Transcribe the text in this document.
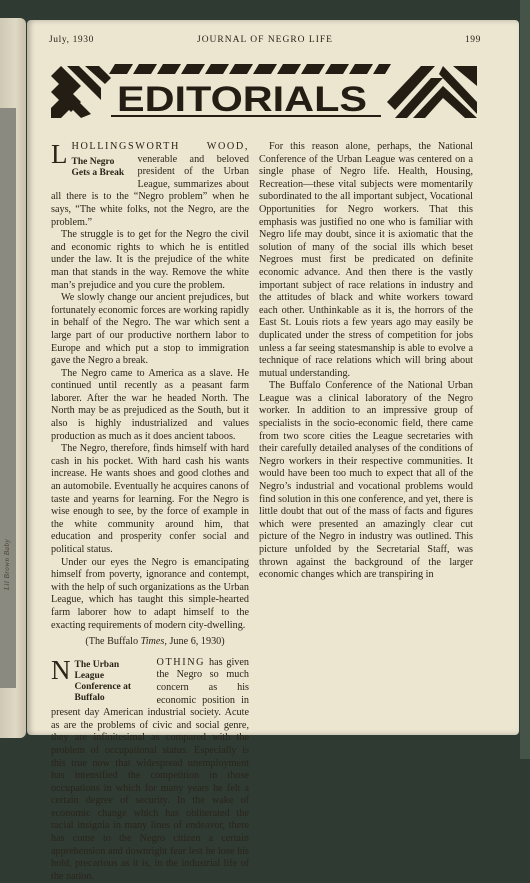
Lil Brown Baby
July, 1930	JOURNAL OF NEGRO LIFE	199
EDITORIALS

LHOLLINGSWORTH WOOD,
The Negro
Gets a Break
venerable and beloved president of the Urban League, summarizes about all there is to the “Negro problem” when he says, “The white folks, not the Negro, are the problem.”

The struggle is to get for the Negro the civil and economic rights to which he is entitled under the law. It is the prejudice of the white man that stands in the way. Remove the white man’s prejudice and you cure the problem.

We slowly change our ancient prejudices, but fortunately economic forces are working rapidly in behalf of the Negro. The war which sent a large part of our productive northern labor to Europe and which put a stop to immigration gave the Negro a break.

The Negro came to America as a slave. He continued until recently as a peasant farm laborer. After the war he headed North. The North may be as prejudiced as the South, but it also is highly industrialized and values production as much as it does ancient taboos.

The Negro, therefore, finds himself with hard cash in his pocket. With hard cash his wants increase. He wants shoes and good clothes and an automobile. Eventually he acquires canons of taste and yearns for learning. For the Negro is wise enough to see, by the force of example in the white community around him, that education and prosperity confer social and political status.

Under our eyes the Negro is emancipating himself from poverty, ignorance and contempt, with the help of such organizations as the Urban League, which has taught this simple-hearted farm laborer how to adapt himself to the exacting requirements of modern city-dwelling.

(The Buffalo Times, June 6, 1930)

N	OTHING
The Urban League
Conference at Buffalo
has given the Negro so much concern as his economic position in present day American industrial society. Acute as are the problems of civic and social genre, they are infinitesimal as compared with the problem of occupational status. Especially is this true now that widespread unemployment has intensified the competition in those occupations in which for many years he felt a certain degree of security. In the wake of economic change which has obliterated the racial insignia in many lines of endeavor, there has come to the Negro citizen a certain apprehension and downright fear lest he lose his hold, precarious as it is, in the industrial life of the nation.

For this reason alone, perhaps, the National Conference of the Urban League was centered on a single phase of Negro life. Health, Housing, Recreation—these vital subjects were momentarily subordinated to the all important subject, Vocational Opportunities for Negro workers. That this emphasis was justified no one who is familiar with Negro life may doubt, since it is axiomatic that the solution of many of the social ills which beset Negroes must first be predicated on definite economic advance. And then there is the vastly important subject of race relations in industry and the attitudes of black and white workers toward each other. Unthinkable as it is, the horrors of the East St. Louis riots a few years ago may easily be duplicated under the stress of competition for jobs unless a far seeing statesmanship is able to evolve a technique of race relations which will bring about mutual understanding.

The Buffalo Conference of the National Urban League was a clinical laboratory of the Negro worker. In addition to an impressive group of specialists in the socio-economic field, there came from two score cities the League secretaries with their carefully detailed analyses of the conditions of Negro workers in their respective communities. It would have been too much to expect that all of the Negro’s industrial and vocational problems would find solution in this one conference, and yet, there is little doubt that out of the mass of facts and figures which were presented an amazingly clear cut picture of the Negro in industry was outlined. This picture unfolded by the Secretarial Staff, was thrown against the background of the larger economic changes which are transpiring in
